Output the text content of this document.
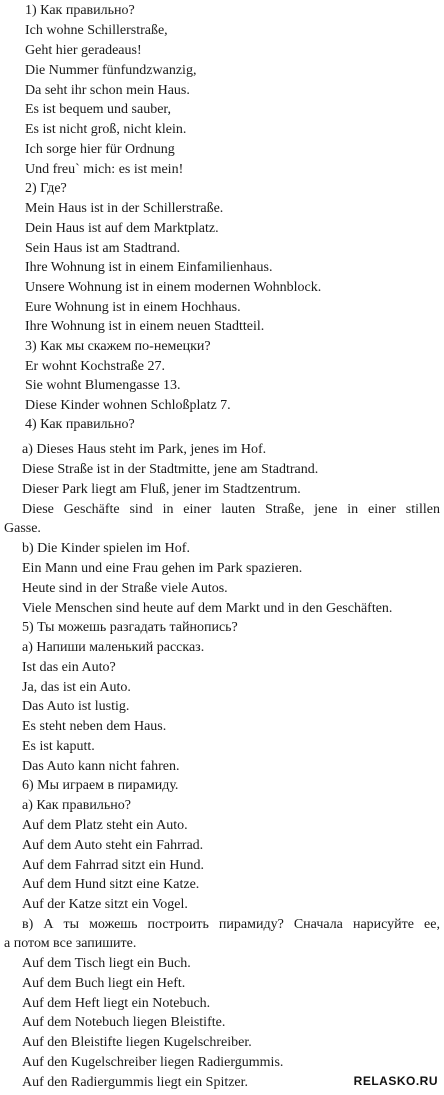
1) Как правильно?
Ich wohne Schillerstraße,
Geht hier geradeaus!
Die Nummer fünfundzwanzig,
Da seht ihr schon mein Haus.
Es ist bequem und sauber,
Es ist nicht groß, nicht klein.
Ich sorge hier für Ordnung
Und freu` mich: es ist mein!
2) Где?
Mein Haus ist in der Schillerstraße.
Dein Haus ist auf dem Marktplatz.
Sein Haus ist am Stadtrand.
Ihre Wohnung ist in einem Einfamilienhaus.
Unsere Wohnung ist in einem modernen Wohnblock.
Eure Wohnung ist in einem Hochhaus.
Ihre Wohnung ist in einem neuen Stadtteil.
3) Как мы скажем по-немецки?
Er wohnt Kochstraße 27.
Sie wohnt Blumengasse 13.
Diese Kinder wohnen Schloßplatz 7.
4) Как правильно?
a) Dieses Haus steht im Park, jenes im Hof.
Diese Straße ist in der Stadtmitte, jene am Stadtrand.
Dieser Park liegt am Fluß, jener im Stadtzentrum.
Diese Geschäfte sind in einer lauten Straße, jene in einer stillen
Gasse.
b) Die Kinder spielen im Hof.
Ein Mann und eine Frau gehen im Park spazieren.
Heute sind in der Straße viele Autos.
Viele Menschen sind heute auf dem Markt und in den Geschäften.
5) Ты можешь разгадать тайнопись?
а) Напиши маленький рассказ.
Ist das ein Auto?
Ja, das ist ein Auto.
Das Auto ist lustig.
Es steht neben dem Haus.
Es ist kaputt.
Das Auto kann nicht fahren.
6) Мы играем в пирамиду.
а) Как правильно?
Auf dem Platz steht ein Auto.
Auf dem Auto steht ein Fahrrad.
Auf dem Fahrrad sitzt ein Hund.
Auf dem Hund sitzt eine Katze.
Auf der Katze sitzt ein Vogel.
в) А ты можешь построить пирамиду? Сначала нарисуйте ее,
а потом все запишите.
Auf dem Tisch liegt ein Buch.
Auf dem Buch liegt ein Heft.
Auf dem Heft liegt ein Notebuch.
Auf dem Notebuch liegen Bleistifte.
Auf den Bleistifte liegen Kugelschreiber.
Auf den Kugelschreiber liegen Radiergummis.
Auf den Radiergummis liegt ein Spitzer.	RELASKO.RU
